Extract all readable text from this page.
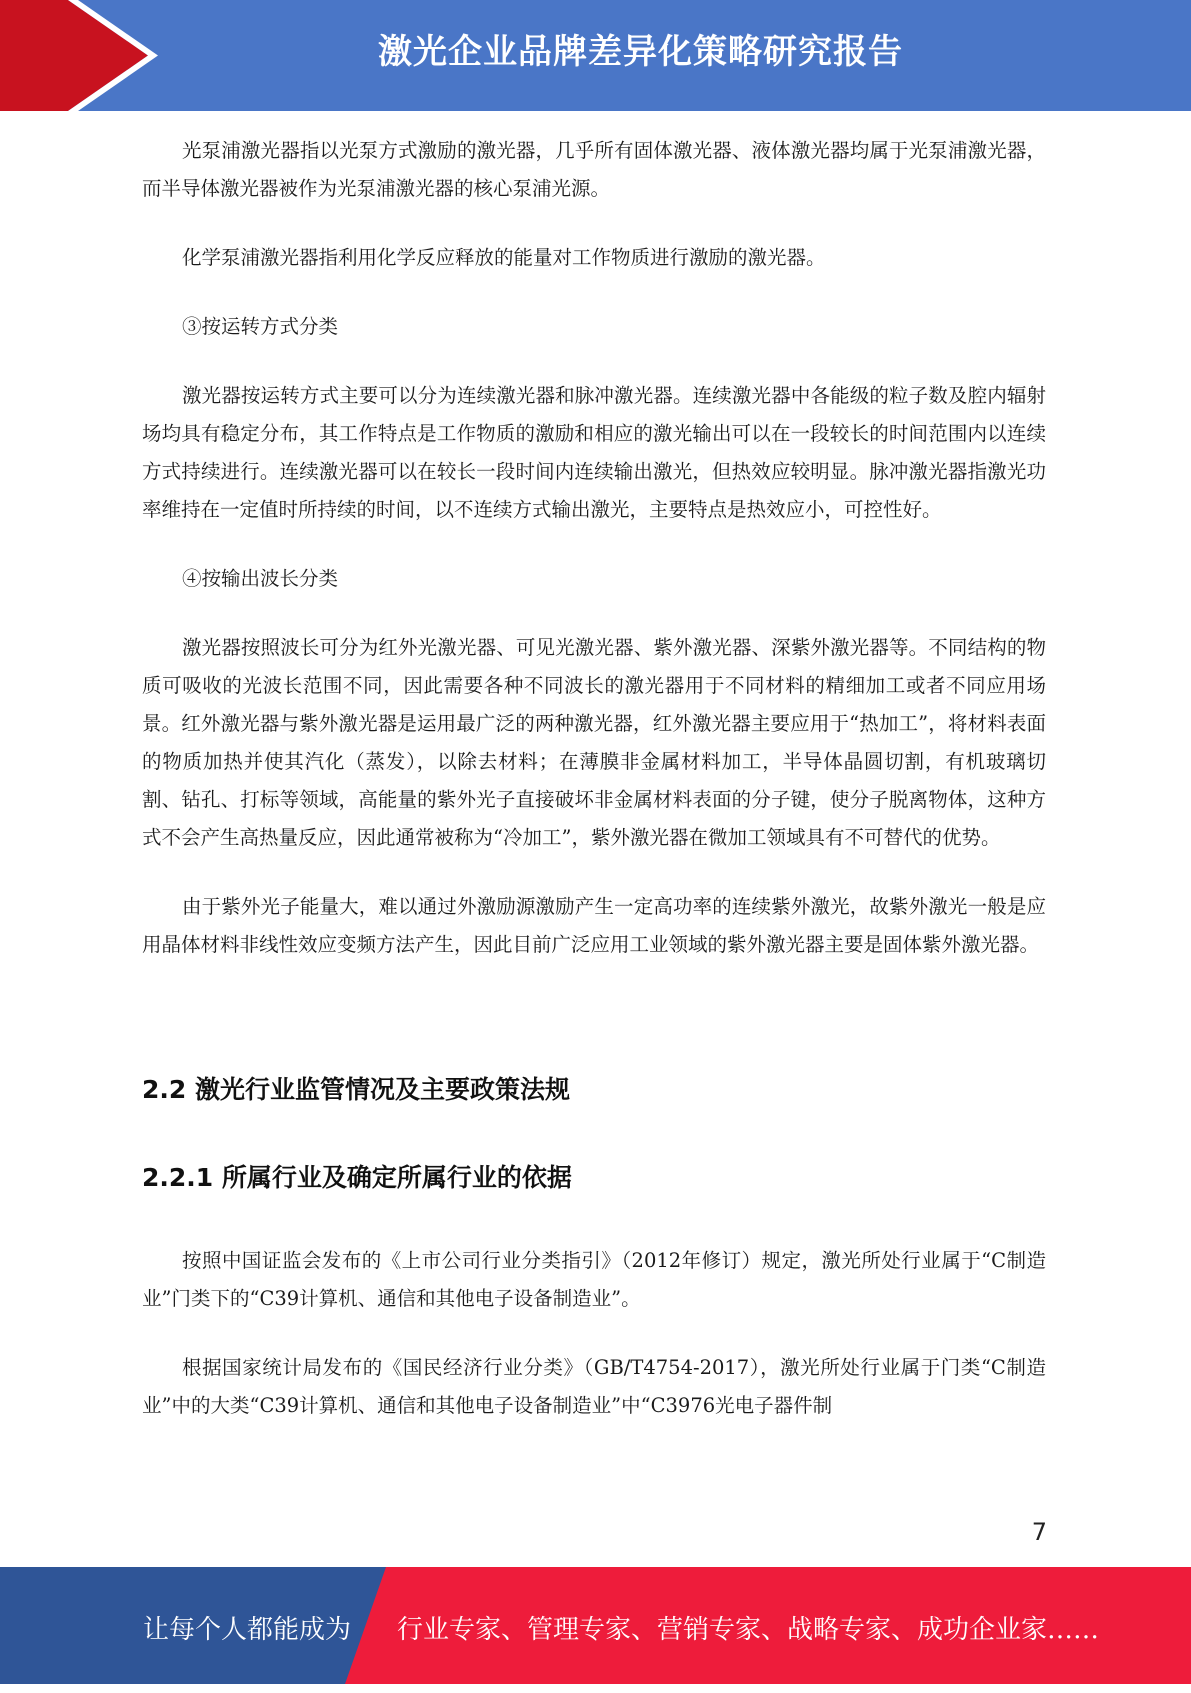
激光企业品牌差异化策略研究报告

光泵浦激光器指以光泵方式激励的激光器，几乎所有固体激光器、液体激光器均属于光泵浦激光器，而半导体激光器被作为光泵浦激光器的核心泵浦光源。

化学泵浦激光器指利用化学反应释放的能量对工作物质进行激励的激光器。

③按运转方式分类

激光器按运转方式主要可以分为连续激光器和脉冲激光器。连续激光器中各能级的粒子数及腔内辐射场均具有稳定分布，其工作特点是工作物质的激励和相应的激光输出可以在一段较长的时间范围内以连续方式持续进行。连续激光器可以在较长一段时间内连续输出激光，但热效应较明显。脉冲激光器指激光功率维持在一定值时所持续的时间，以不连续方式输出激光，主要特点是热效应小，可控性好。

④按输出波长分类

激光器按照波长可分为红外光激光器、可见光激光器、紫外激光器、深紫外激光器等。不同结构的物质可吸收的光波长范围不同，因此需要各种不同波长的激光器用于不同材料的精细加工或者不同应用场景。红外激光器与紫外激光器是运用最广泛的两种激光器，红外激光器主要应用于“热加工”，将材料表面的物质加热并使其汽化（蒸发），以除去材料；在薄膜非金属材料加工，半导体晶圆切割，有机玻璃切割、钻孔、打标等领域，高能量的紫外光子直接破坏非金属材料表面的分子键，使分子脱离物体，这种方式不会产生高热量反应，因此通常被称为“冷加工”，紫外激光器在微加工领域具有不可替代的优势。

由于紫外光子能量大，难以通过外激励源激励产生一定高功率的连续紫外激光，故紫外激光一般是应用晶体材料非线性效应变频方法产生，因此目前广泛应用工业领域的紫外激光器主要是固体紫外激光器。

2.2 激光行业监管情况及主要政策法规
2.2.1 所属行业及确定所属行业的依据

按照中国证监会发布的《上市公司行业分类指引》（2012年修订）规定，激光所处行业属于“C制造业”门类下的“C39计算机、通信和其他电子设备制造业”。

根据国家统计局发布的《国民经济行业分类》（GB/T4754-2017），激光所处行业属于门类“C制造业”中的大类“C39计算机、通信和其他电子设备制造业”中“C3976光电子器件制

7
让每个人都能成为 行业专家、管理专家、营销专家、战略专家、成功企业家……
